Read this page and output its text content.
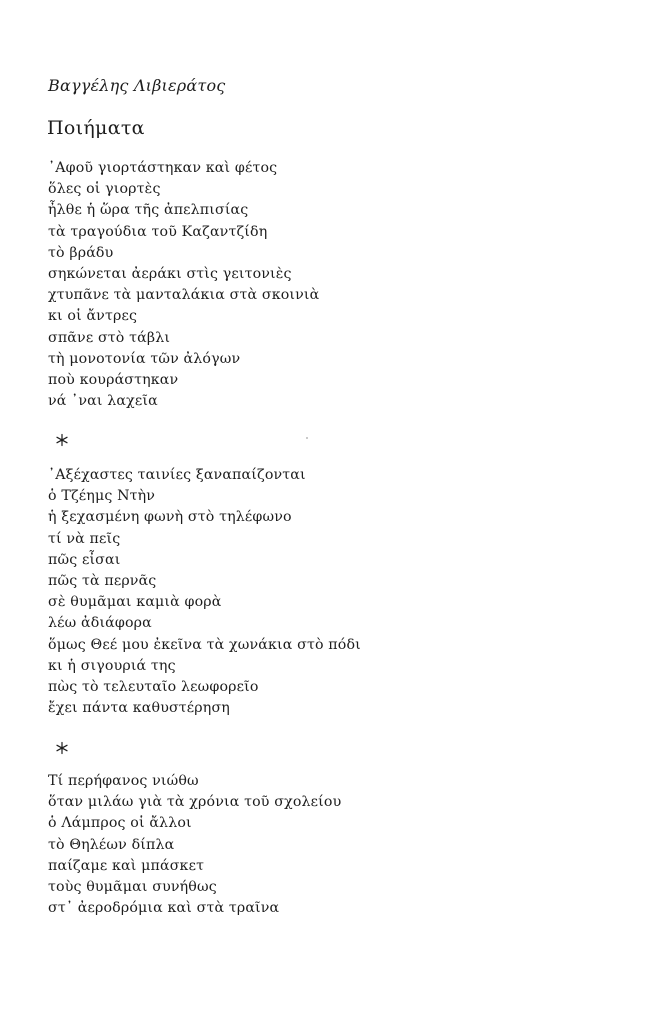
Βαγγέλης Λιβιεράτος
Ποιήματα
᾿Αφοῦ γιορτάστηκαν καὶ φέτος
ὅλες οἱ γιορτὲς
ἦλθε ἡ ὥρα τῆς ἀπελπισίας
τὰ τραγούδια τοῦ Καζαντζίδη
τὸ βράδυ
σηκώνεται ἀεράκι στὶς γειτονιὲς
χτυπᾶνε τὰ μανταλάκια στὰ σκοινιὰ
κι οἱ ἄντρες
σπᾶνε στὸ τάβλι
τὴ μονοτονία τῶν ἀλόγων
ποὺ κουράστηκαν
νά ᾿ναι λαχεῖα
᾿Αξέχαστες ταινίες ξαναπαίζονται
ὁ Τζέημς Ντὴν
ἡ ξεχασμένη φωνὴ στὸ τηλέφωνο
τί νὰ πεῖς
πῶς εἶσαι
πῶς τὰ περνᾶς
σὲ θυμᾶμαι καμιὰ φορὰ
λέω ἀδιάφορα
ὅμως Θεέ μου ἐκεῖνα τὰ χωνάκια στὸ πόδι
κι ἡ σιγουριά της
πὼς τὸ τελευταῖο λεωφορεῖο
ἔχει πάντα καθυστέρηση
Τί περήφανος νιώθω
ὅταν μιλάω γιὰ τὰ χρόνια τοῦ σχολείου
ὁ Λάμπρος οἱ ἄλλοι
τὸ Θηλέων δίπλα
παίζαμε καὶ μπάσκετ
τοὺς θυμᾶμαι συνήθως
στ᾿ ἀεροδρόμια καὶ στὰ τραῖνα
